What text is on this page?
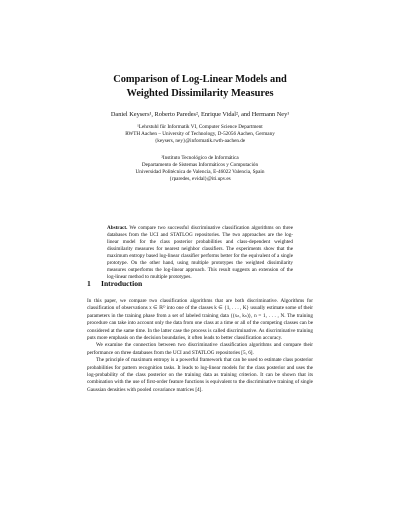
Comparison of Log-Linear Models and
Weighted Dissimilarity Measures
Daniel Keysers¹, Roberto Paredes², Enrique Vidal², and Hermann Ney¹
¹Lehrstuhl für Informatik VI, Computer Science Department
RWTH Aachen – University of Technology, D-52056 Aachen, Germany
{keysers, ney}@informatik.rwth-aachen.de
²Instituto Tecnológico de Informática
Departamento de Sistemas Informáticos y Computación
Universidad Politécnica de Valencia, E-46022 Valencia, Spain
{rparedes, evidal}@iti.upv.es
Abstract. We compare two successful discriminative classification algorithms on three databases from the UCI and STATLOG repositories. The two approaches are the log-linear model for the class posterior probabilities and class-dependent weighted dissimilarity measures for nearest neighbor classifiers. The experiments show that the maximum entropy based log-linear classifier performs better for the equivalent of a single prototype. On the other hand, using multiple prototypes the weighted dissimilarity measures outperforms the log-linear approach. This result suggests an extension of the log-linear method to multiple prototypes.
1 Introduction

In this paper, we compare two classification algorithms that are both discriminative. Algorithms for classification of observations x ∈ ℝᴰ into one of the classes k ∈ {1, . . . , K} usually estimate some of their parameters in the training phase from a set of labeled training data {(xₙ, kₙ)}, n = 1, . . . , N. The training procedure can take into account only the data from one class at a time or all of the competing classes can be considered at the same time. In the latter case the process is called discriminative. As discriminative training puts more emphasis on the decision boundaries, it often leads to better classification accuracy.

We examine the connection between two discriminative classification algorithms and compare their performance on three databases from the UCI and STATLOG repositories [5, 6].

The principle of maximum entropy is a powerful framework that can be used to estimate class posterior probabilities for pattern recognition tasks. It leads to log-linear models for the class posterior and uses the log-probability of the class posterior on the training data as training criterion. It can be shown that its combination with the use of first-order feature functions is equivalent to the discriminative training of single Gaussian densities with pooled covariance matrices [4].
